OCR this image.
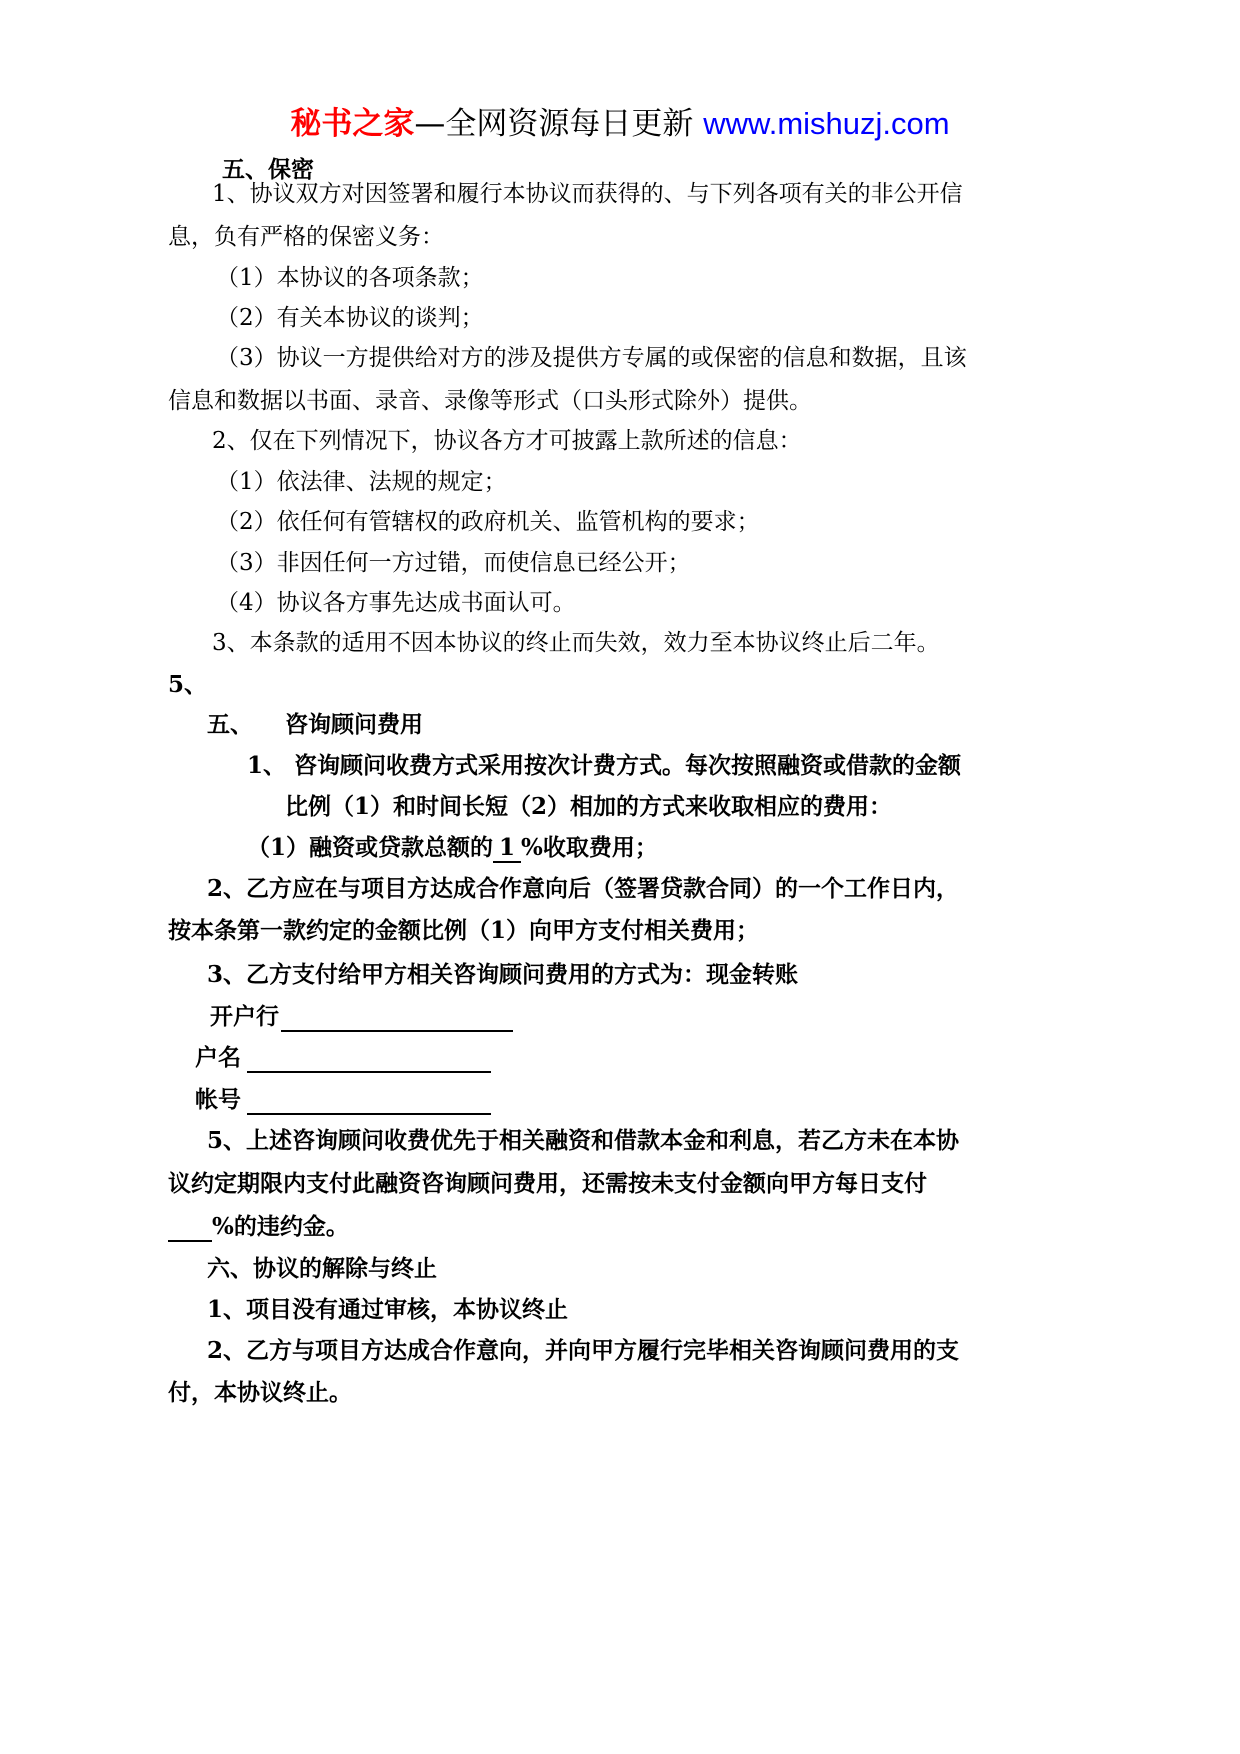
秘书之家—全网资源每日更新 www.mishuzj.com
五、保密
1、协议双方对因签署和履行本协议而获得的、与下列各项有关的非公开信
息，负有严格的保密义务：
（1）本协议的各项条款；
（2）有关本协议的谈判；
（3）协议一方提供给对方的涉及提供方专属的或保密的信息和数据，且该
信息和数据以书面、录音、录像等形式（口头形式除外）提供。
2、仅在下列情况下，协议各方才可披露上款所述的信息：
（1）依法律、法规的规定；
（2）依任何有管辖权的政府机关、监管机构的要求；
（3）非因任何一方过错，而使信息已经公开；
（4）协议各方事先达成书面认可。
3、本条款的适用不因本协议的终止而失效，效力至本协议终止后二年。
5、
五、 咨询顾问费用
1、 咨询顾问收费方式采用按次计费方式。每次按照融资或借款的金额
比例（1）和时间长短（2）相加的方式来收取相应的费用：
（1）融资或贷款总额的 1 %收取费用；
2、乙方应在与项目方达成合作意向后（签署贷款合同）的一个工作日内，
按本条第一款约定的金额比例（1）向甲方支付相关费用；
3、乙方支付给甲方相关咨询顾问费用的方式为：现金转账
开户行
户名
帐号
5、上述咨询顾问收费优先于相关融资和借款本金和利息，若乙方未在本协
议约定期限内支付此融资咨询顾问费用，还需按未支付金额向甲方每日支付
%的违约金。
六、协议的解除与终止
1、项目没有通过审核，本协议终止
2、乙方与项目方达成合作意向，并向甲方履行完毕相关咨询顾问费用的支
付，本协议终止。
